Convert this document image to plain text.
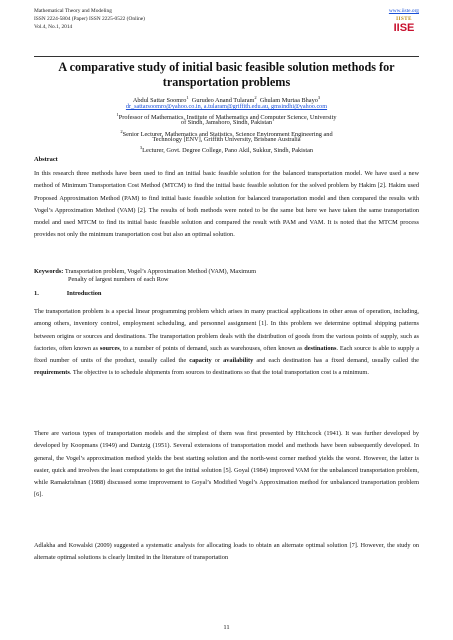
Mathematical Theory and Modeling
ISSN 2224-5804 (Paper) ISSN 2225-0522 (Online)
Vol.4, No.1, 2014
www.iiste.org
IISTE
IISE
A comparative study of initial basic feasible solution methods for transportation problems
Abdul Sattar Soomro$^1$ Gurudeo Anand Tularam$^2$ Ghulam Murtaa Bhayo$^3$
dr_sattarsoomro@yahoo.co.in, a.tularam@griffith.edu.au, gmsindhi@yahoo.com
$^1$Professor of Mathematics, Institute of Mathematics and Computer Science, University
of Sindh, Jamshoro, Sindh, Pakistan
$^2$Senior Lecturer, Mathematics and Statistics, Science Environment Engineering and
Technology [ENV], Griffith University, Brisbane Australia
$^3$Lecturer, Govt. Degree College, Pano Akil, Sukkur, Sindh, Pakistan
Abstract
In this research three methods have been used to find an initial basic feasible solution for the balanced transportation model. We have used a new method of Minimum Transportation Cost Method (MTCM) to find the initial basic feasible solution for the solved problem by Hakim [2]. Hakim used Proposed Approximation Method (PAM) to find initial basic feasible solution for balanced transportation model and then compared the results with Vogel’s Approximation Method (VAM) [2]. The results of both methods were noted to be the same but here we have taken the same transportation model and used MTCM to find its initial basic feasible solution and compared the result with PAM and VAM. It is noted that the MTCM process provides not only the minimum transportation cost but also an optimal solution.
Keywords: Transportation problem, Vogel’s Approximation Method (VAM), Maximum
Penalty of largest numbers of each Row
1.	Introduction
The transportation problem is a special linear programming problem which arises in many practical applications in other areas of operation, including, among others, inventory control, employment scheduling, and personnel assignment [1]. In this problem we determine optimal shipping patterns between origins or sources and destinations. The transportation problem deals with the distribution of goods from the various points of supply, such as factories, often known as sources, to a number of points of demand, such as warehouses, often known as destinations. Each source is able to supply a fixed number of units of the product, usually called the capacity or availability and each destination has a fixed demand, usually called the requirements. The objective is to schedule shipments from sources to destinations so that the total transportation cost is a minimum.
There are various types of transportation models and the simplest of them was first presented by Hitchcock (1941). It was further developed by developed by Koopmans (1949) and Dantzig (1951). Several extensions of transportation model and methods have been subsequently developed. In general, the Vogel’s approximation method yields the best starting solution and the north-west corner method yields the worst. However, the latter is easier, quick and involves the least computations to get the initial solution [5]. Goyal (1984) improved VAM for the unbalanced transportation problem, while Ramakrishnan (1988) discussed some improvement to Goyal’s Modified Vogel’s Approximation method for unbalanced transportation problem [6].
Adlakha and Kowalski (2009) suggested a systematic analysis for allocating loads to obtain an alternate optimal solution [7]. However, the study on alternate optimal solutions is clearly limited in the literature of transportation
11
